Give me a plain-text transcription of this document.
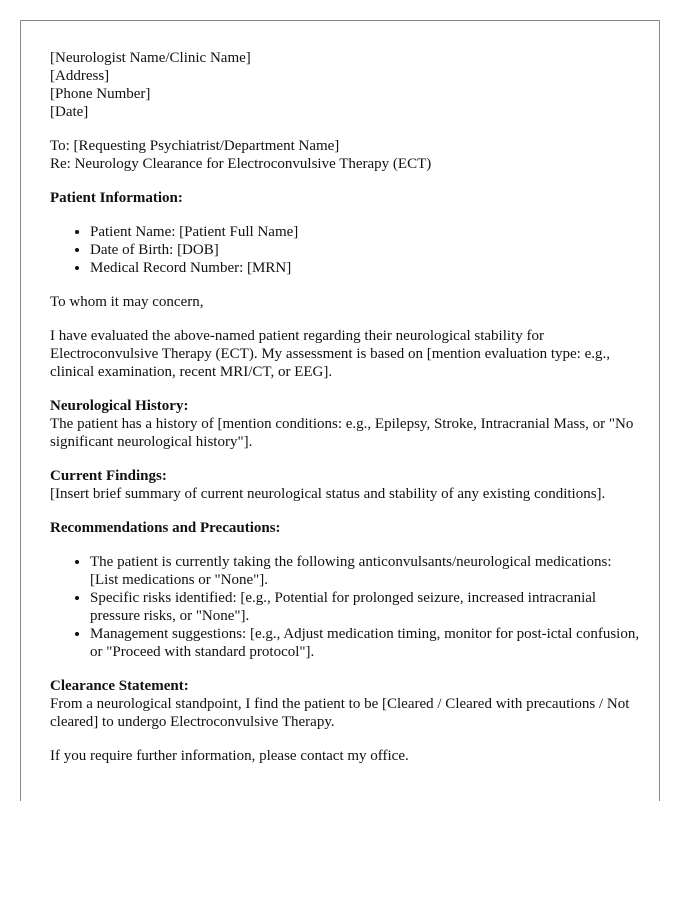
[Neurologist Name/Clinic Name]
[Address]
[Phone Number]
[Date]
To: [Requesting Psychiatrist/Department Name]
Re: Neurology Clearance for Electroconvulsive Therapy (ECT)
Patient Information:
• Patient Name: [Patient Full Name]
• Date of Birth: [DOB]
• Medical Record Number: [MRN]
To whom it may concern,
I have evaluated the above-named patient regarding their neurological stability for Electroconvulsive Therapy (ECT). My assessment is based on [mention evaluation type: e.g., clinical examination, recent MRI/CT, or EEG].
Neurological History:
The patient has a history of [mention conditions: e.g., Epilepsy, Stroke, Intracranial Mass, or "No significant neurological history"].
Current Findings:
[Insert brief summary of current neurological status and stability of any existing conditions].
Recommendations and Precautions:
• The patient is currently taking the following anticonvulsants/neurological medications: [List medications or "None"].
• Specific risks identified: [e.g., Potential for prolonged seizure, increased intracranial pressure risks, or "None"].
• Management suggestions: [e.g., Adjust medication timing, monitor for post-ictal confusion, or "Proceed with standard protocol"].
Clearance Statement:
From a neurological standpoint, I find the patient to be [Cleared / Cleared with precautions / Not cleared] to undergo Electroconvulsive Therapy.
If you require further information, please contact my office.
